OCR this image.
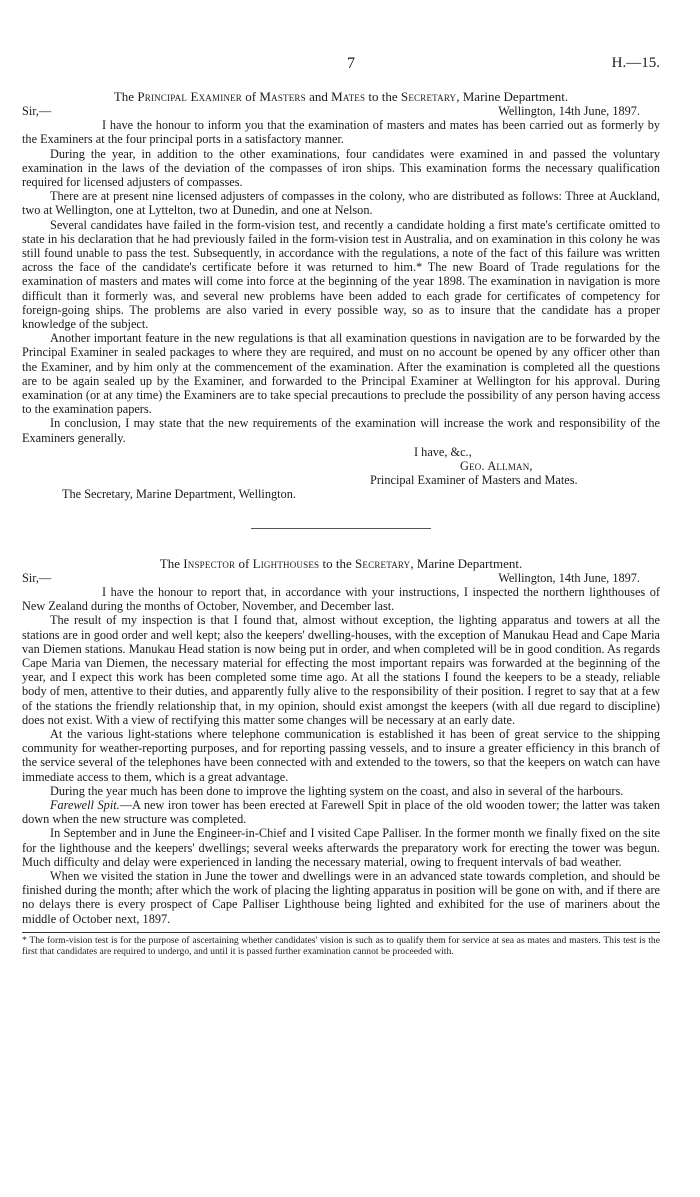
7	H.—15.

The Principal Examiner of Masters and Mates to the Secretary, Marine Department.

Sir,—	Wellington, 14th June, 1897.

I have the honour to inform you that the examination of masters and mates has been carried out as formerly by the Examiners at the four principal ports in a satisfactory manner.

During the year, in addition to the other examinations, four candidates were examined in and passed the voluntary examination in the laws of the deviation of the compasses of iron ships. This examination forms the necessary qualification required for licensed adjusters of compasses.

There are at present nine licensed adjusters of compasses in the colony, who are distributed as follows: Three at Auckland, two at Wellington, one at Lyttelton, two at Dunedin, and one at Nelson.

Several candidates have failed in the form-vision test, and recently a candidate holding a first mate's certificate omitted to state in his declaration that he had previously failed in the form-vision test in Australia, and on examination in this colony he was still found unable to pass the test. Subsequently, in accordance with the regulations, a note of the fact of this failure was written across the face of the candidate's certificate before it was returned to him.* The new Board of Trade regulations for the examination of masters and mates will come into force at the beginning of the year 1898. The examination in navigation is more difficult than it formerly was, and several new problems have been added to each grade for certificates of competency for foreign-going ships. The problems are also varied in every possible way, so as to insure that the candidate has a proper knowledge of the subject.

Another important feature in the new regulations is that all examination questions in navigation are to be forwarded by the Principal Examiner in sealed packages to where they are required, and must on no account be opened by any officer other than the Examiner, and by him only at the commencement of the examination. After the examination is completed all the questions are to be again sealed up by the Examiner, and forwarded to the Principal Examiner at Wellington for his approval. During examination (or at any time) the Examiners are to take special precautions to preclude the possibility of any person having access to the examination papers.

In conclusion, I may state that the new requirements of the examination will increase the work and responsibility of the Examiners generally.

I have, &c.,

Geo. Allman,

Principal Examiner of Masters and Mates.

The Secretary, Marine Department, Wellington.

The Inspector of Lighthouses to the Secretary, Marine Department.

Sir,—	Wellington, 14th June, 1897.

I have the honour to report that, in accordance with your instructions, I inspected the northern lighthouses of New Zealand during the months of October, November, and December last.

The result of my inspection is that I found that, almost without exception, the lighting apparatus and towers at all the stations are in good order and well kept; also the keepers' dwelling-houses, with the exception of Manukau Head and Cape Maria van Diemen stations. Manukau Head station is now being put in order, and when completed will be in good condition. As regards Cape Maria van Diemen, the necessary material for effecting the most important repairs was forwarded at the beginning of the year, and I expect this work has been completed some time ago. At all the stations I found the keepers to be a steady, reliable body of men, attentive to their duties, and apparently fully alive to the responsibility of their position. I regret to say that at a few of the stations the friendly relationship that, in my opinion, should exist amongst the keepers (with all due regard to discipline) does not exist. With a view of rectifying this matter some changes will be necessary at an early date.

At the various light-stations where telephone communication is established it has been of great service to the shipping community for weather-reporting purposes, and for reporting passing vessels, and to insure a greater efficiency in this branch of the service several of the telephones have been connected with and extended to the towers, so that the keepers on watch can have immediate access to them, which is a great advantage.

During the year much has been done to improve the lighting system on the coast, and also in several of the harbours.

Farewell Spit.—A new iron tower has been erected at Farewell Spit in place of the old wooden tower; the latter was taken down when the new structure was completed.

In September and in June the Engineer-in-Chief and I visited Cape Palliser. In the former month we finally fixed on the site for the lighthouse and the keepers' dwellings; several weeks afterwards the preparatory work for erecting the tower was begun. Much difficulty and delay were experienced in landing the necessary material, owing to frequent intervals of bad weather.

When we visited the station in June the tower and dwellings were in an advanced state towards completion, and should be finished during the month; after which the work of placing the lighting apparatus in position will be gone on with, and if there are no delays there is every prospect of Cape Palliser Lighthouse being lighted and exhibited for the use of mariners about the middle of October next, 1897.

* The form-vision test is for the purpose of ascertaining whether candidates' vision is such as to qualify them for service at sea as mates and masters. This test is the first that candidates are required to undergo, and until it is passed further examination cannot be proceeded with.
